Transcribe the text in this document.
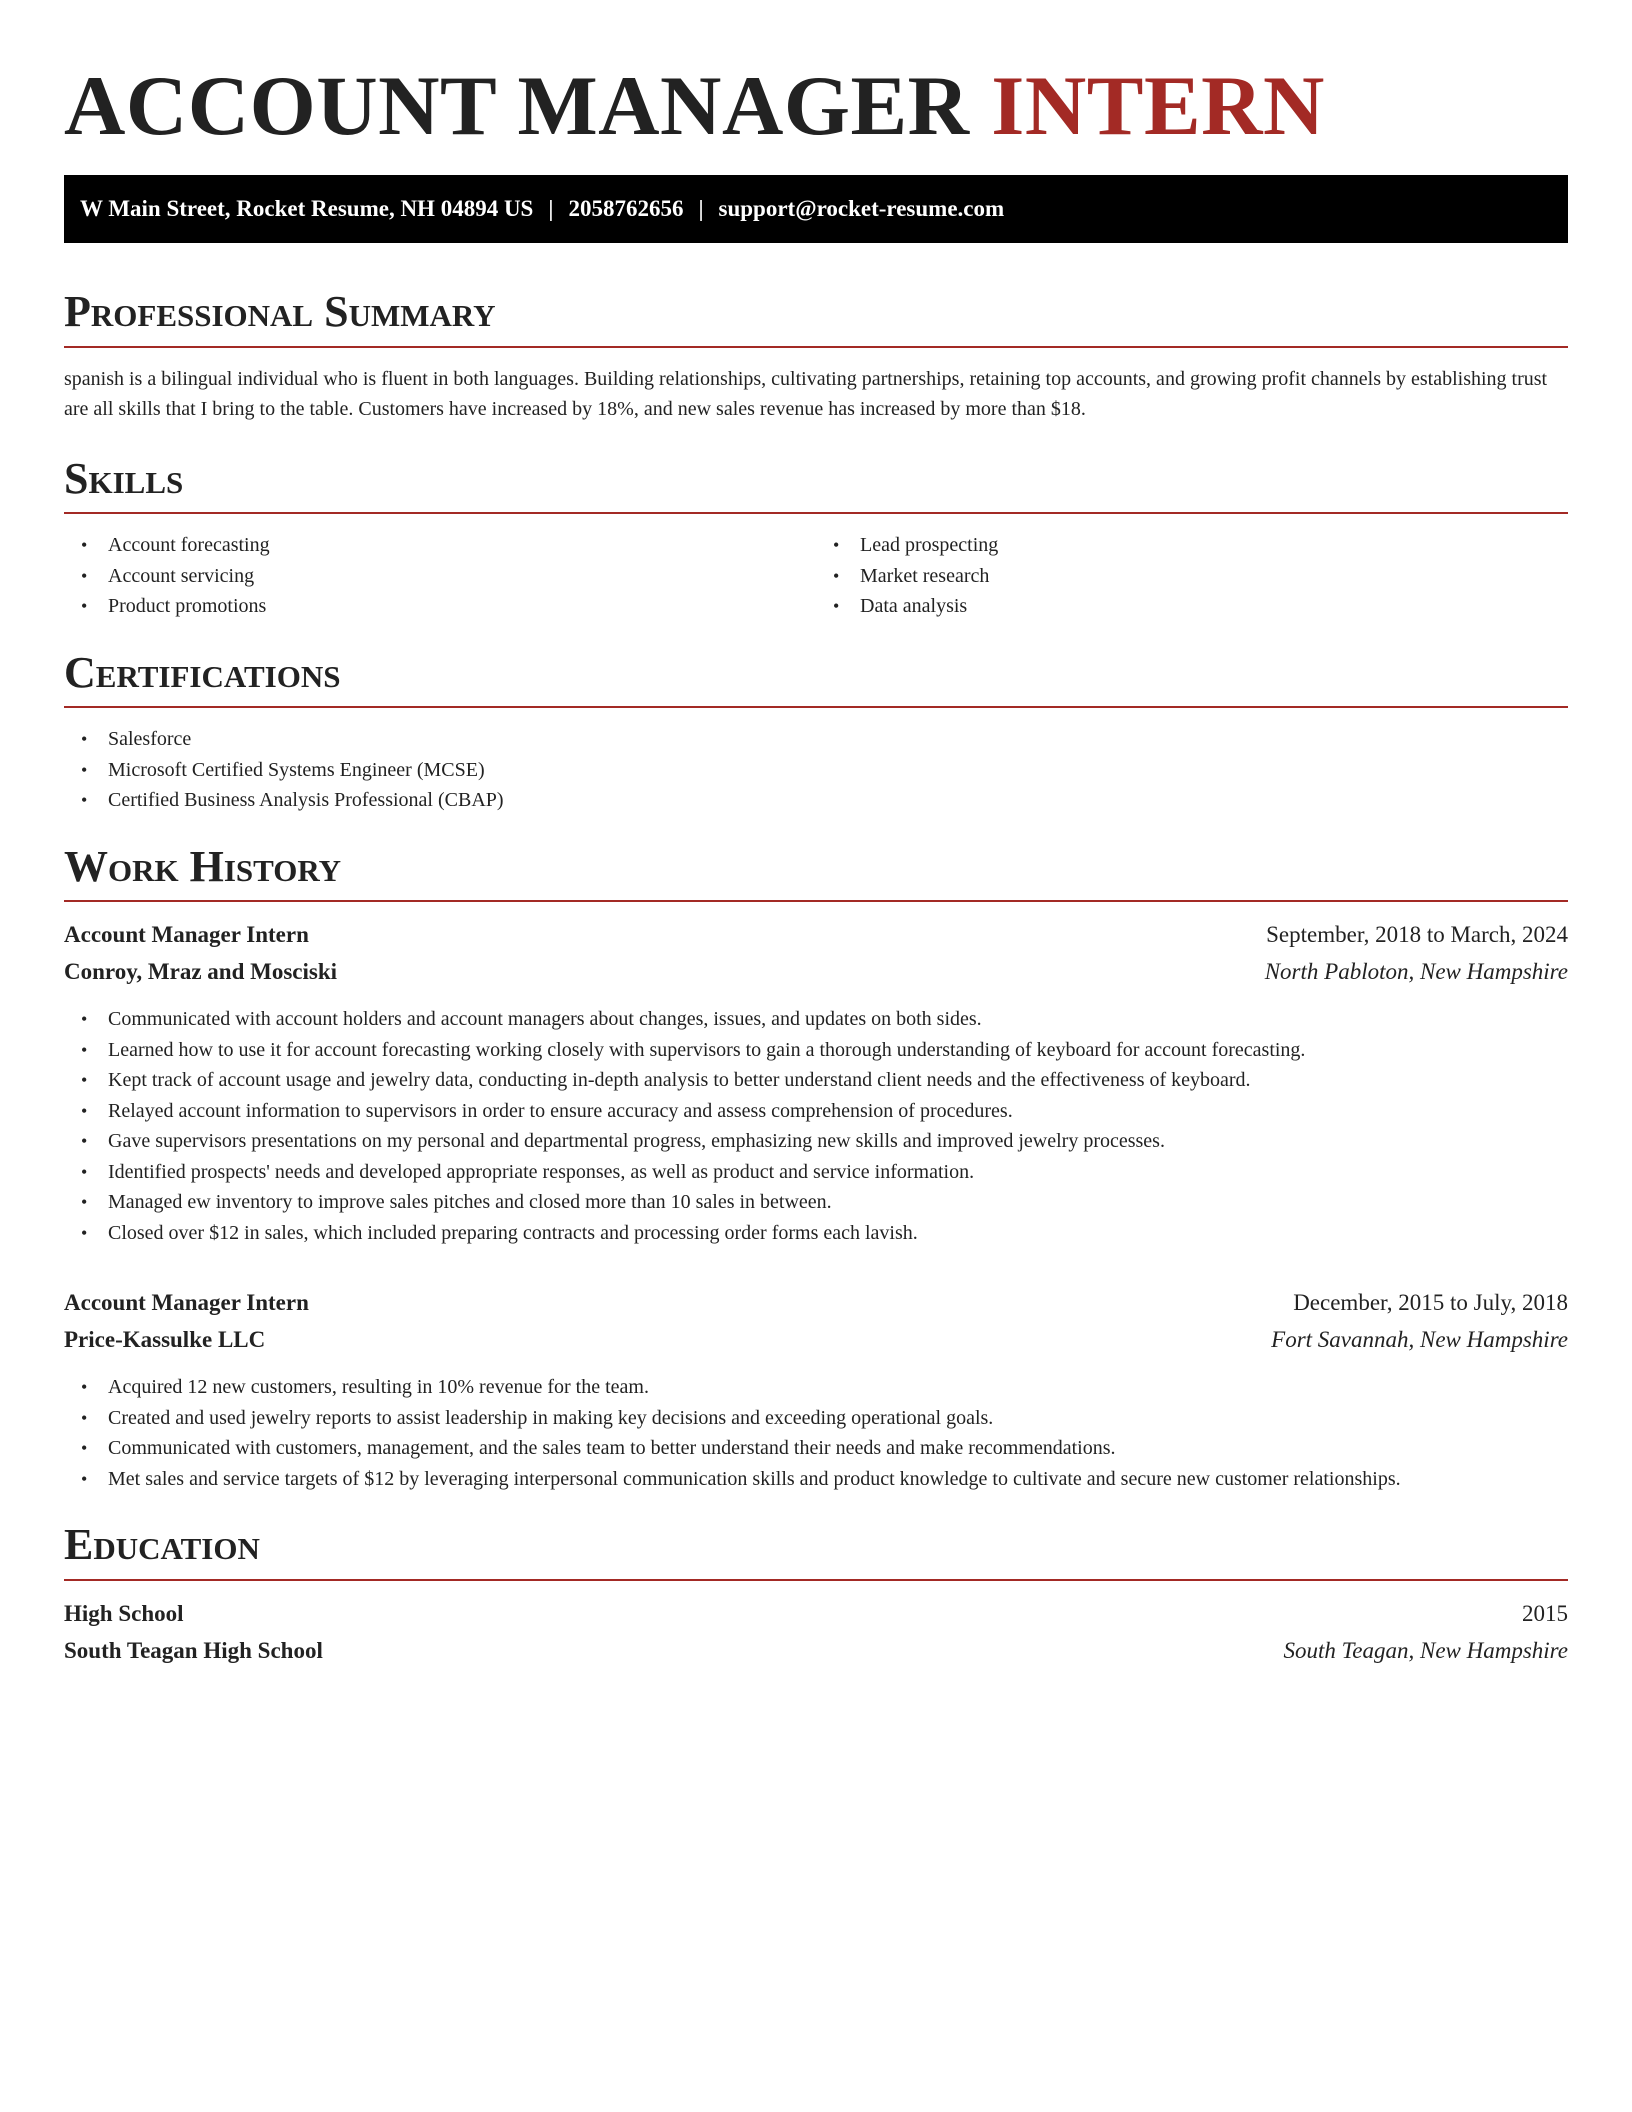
ACCOUNT MANAGER INTERN
W Main Street, Rocket Resume, NH 04894 US | 2058762656 | support@rocket-resume.com
Professional Summary

spanish is a bilingual individual who is fluent in both languages. Building relationships, cultivating partnerships, retaining top accounts, and growing profit channels by establishing trust are all skills that I bring to the table. Customers have increased by 18%, and new sales revenue has increased by more than $18.

Skills
• Account forecasting
• Account servicing
• Product promotions
• Lead prospecting
• Market research
• Data analysis
Certifications
• Salesforce
• Microsoft Certified Systems Engineer (MCSE)
• Certified Business Analysis Professional (CBAP)
Work History
Account Manager Intern	September, 2018 to March, 2024
Conroy, Mraz and Mosciski	North Pabloton, New Hampshire
• Communicated with account holders and account managers about changes, issues, and updates on both sides.
• Learned how to use it for account forecasting working closely with supervisors to gain a thorough understanding of keyboard for account forecasting.
• Kept track of account usage and jewelry data, conducting in-depth analysis to better understand client needs and the effectiveness of keyboard.
• Relayed account information to supervisors in order to ensure accuracy and assess comprehension of procedures.
• Gave supervisors presentations on my personal and departmental progress, emphasizing new skills and improved jewelry processes.
• Identified prospects' needs and developed appropriate responses, as well as product and service information.
• Managed ew inventory to improve sales pitches and closed more than 10 sales in between.
• Closed over $12 in sales, which included preparing contracts and processing order forms each lavish.
Account Manager Intern	December, 2015 to July, 2018
Price-Kassulke LLC	Fort Savannah, New Hampshire
• Acquired 12 new customers, resulting in 10% revenue for the team.
• Created and used jewelry reports to assist leadership in making key decisions and exceeding operational goals.
• Communicated with customers, management, and the sales team to better understand their needs and make recommendations.
• Met sales and service targets of $12 by leveraging interpersonal communication skills and product knowledge to cultivate and secure new customer relationships.
Education
High School	2015
South Teagan High School	South Teagan, New Hampshire
